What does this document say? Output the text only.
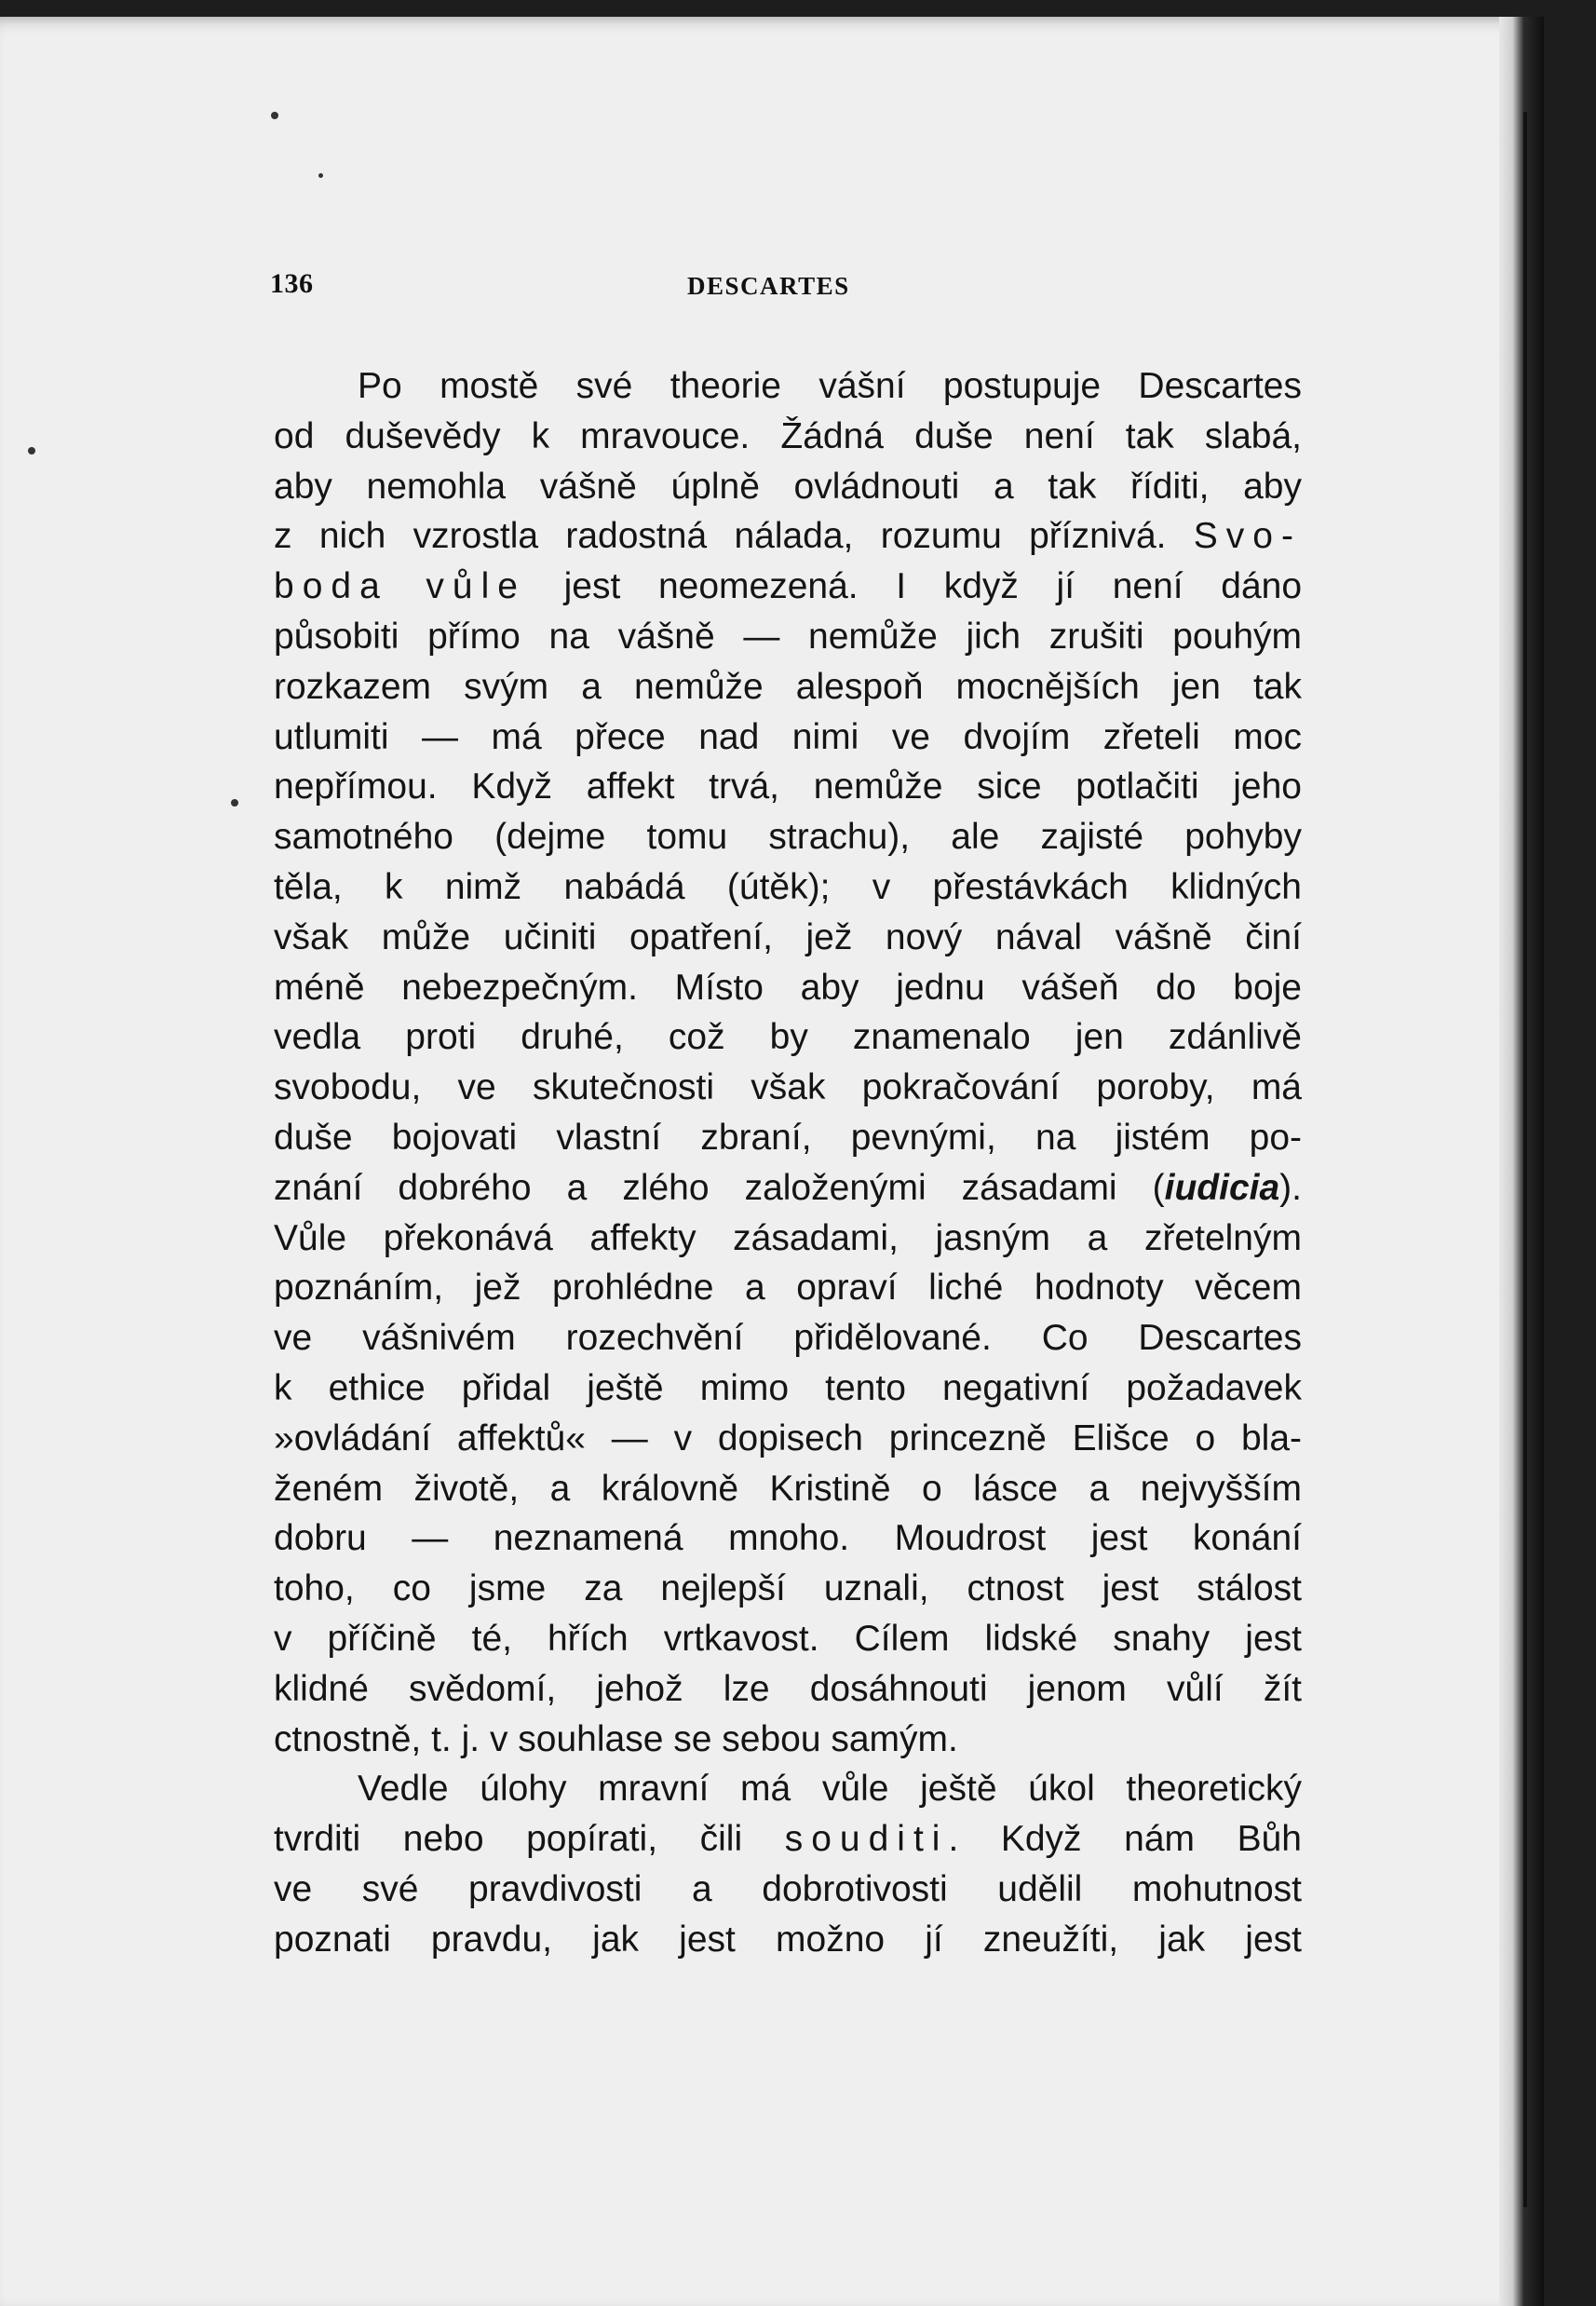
136	DESCARTES
Po mostě své theorie vášní postupuje Descartes
od duševědy k mravouce. Žádná duše není tak slabá,
aby nemohla vášně úplně ovládnouti a tak říditi, aby
z nich vzrostla radostná nálada, rozumu příznivá. Svo-
boda vůle jest neomezená. I když jí není dáno
působiti přímo na vášně — nemůže jich zrušiti pouhým
rozkazem svým a nemůže alespoň mocnějších jen tak
utlumiti — má přece nad nimi ve dvojím zřeteli moc
nepřímou. Když affekt trvá, nemůže sice potlačiti jeho
samotného (dejme tomu strachu), ale zajisté pohyby
těla, k nimž nabádá (útěk); v přestávkách klidných
však může učiniti opatření, jež nový nával vášně činí
méně nebezpečným. Místo aby jednu vášeň do boje
vedla proti druhé, což by znamenalo jen zdánlivě
svobodu, ve skutečnosti však pokračování poroby, má
duše bojovati vlastní zbraní, pevnými, na jistém po-
znání dobrého a zlého založenými zásadami (iudicia).
Vůle překonává affekty zásadami, jasným a zřetelným
poznáním, jež prohlédne a opraví liché hodnoty věcem
ve vášnivém rozechvění přidělované. Co Descartes
k ethice přidal ještě mimo tento negativní požadavek
»ovládání affektů« — v dopisech princezně Elišce o bla-
ženém životě, a královně Kristině o lásce a nejvyšším
dobru — neznamená mnoho. Moudrost jest konání
toho, co jsme za nejlepší uznali, ctnost jest stálost
v příčině té, hřích vrtkavost. Cílem lidské snahy jest
klidné svědomí, jehož lze dosáhnouti jenom vůlí žít
ctnostně, t. j. v souhlase se sebou samým.
Vedle úlohy mravní má vůle ještě úkol theoretický
tvrditi nebo popírati, čili souditi. Když nám Bůh
ve své pravdivosti a dobrotivosti udělil mohutnost
poznati pravdu, jak jest možno jí zneužíti, jak jest
